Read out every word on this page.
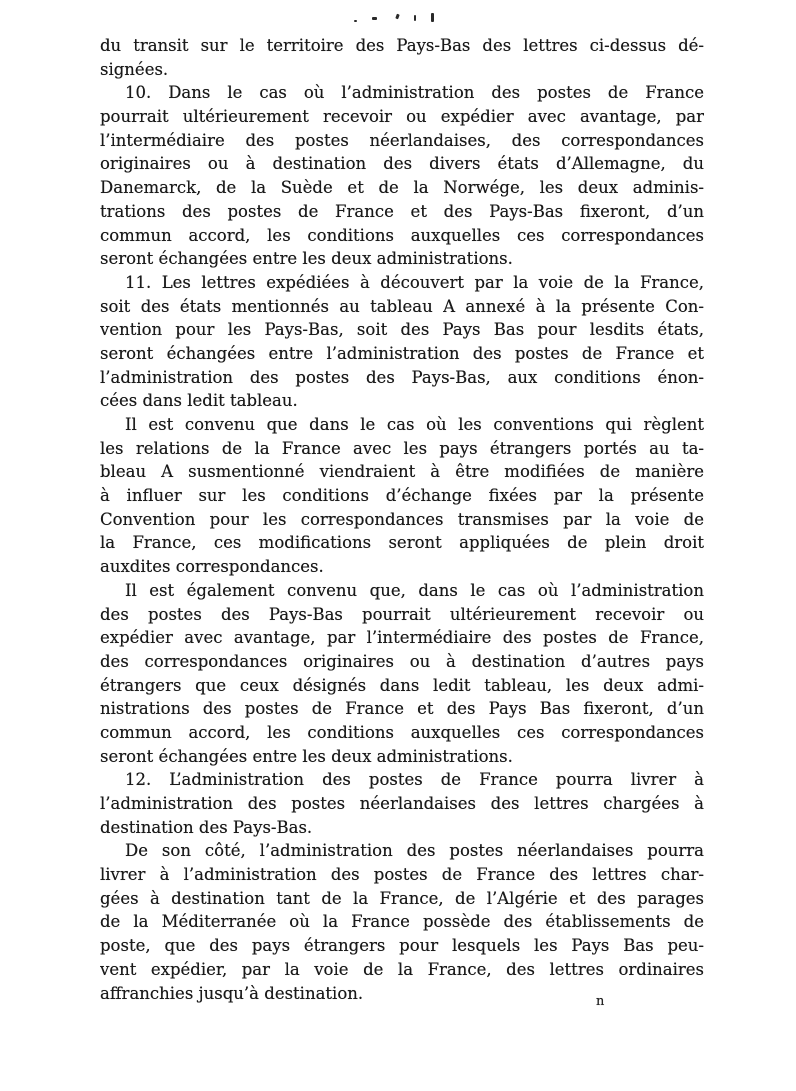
du transit sur le territoire des Pays-Bas des lettres ci-dessus dé-
signées.
10. Dans le cas où l’administration des postes de France
pourrait ultérieurement recevoir ou expédier avec avantage, par
l’intermédiaire des postes néerlandaises, des correspondances
originaires ou à destination des divers états d’Allemagne, du
Danemarck, de la Suède et de la Norwége, les deux adminis-
trations des postes de France et des Pays-Bas fixeront, d’un
commun accord, les conditions auxquelles ces correspondances
seront échangées entre les deux administrations.
11. Les lettres expédiées à découvert par la voie de la France,
soit des états mentionnés au tableau A annexé à la présente Con-
vention pour les Pays-Bas, soit des Pays Bas pour lesdits états,
seront échangées entre l’administration des postes de France et
l’administration des postes des Pays-Bas, aux conditions énon-
cées dans ledit tableau.
Il est convenu que dans le cas où les conventions qui règlent
les relations de la France avec les pays étrangers portés au ta-
bleau A susmentionné viendraient à être modifiées de manière
à influer sur les conditions d’échange fixées par la présente
Convention pour les correspondances transmises par la voie de
la France, ces modifications seront appliquées de plein droit
auxdites correspondances.
Il est également convenu que, dans le cas où l’administration
des postes des Pays-Bas pourrait ultérieurement recevoir ou
expédier avec avantage, par l’intermédiaire des postes de France,
des correspondances originaires ou à destination d’autres pays
étrangers que ceux désignés dans ledit tableau, les deux admi-
nistrations des postes de France et des Pays Bas fixeront, d’un
commun accord, les conditions auxquelles ces correspondances
seront échangées entre les deux administrations.
12. L’administration des postes de France pourra livrer à
l’administration des postes néerlandaises des lettres chargées à
destination des Pays-Bas.
De son côté, l’administration des postes néerlandaises pourra
livrer à l’administration des postes de France des lettres char-
gées à destination tant de la France, de l’Algérie et des parages
de la Méditerranée où la France possède des établissements de
poste, que des pays étrangers pour lesquels les Pays Bas peu-
vent expédier, par la voie de la France, des lettres ordinaires
affranchies jusqu’à destination.	n
